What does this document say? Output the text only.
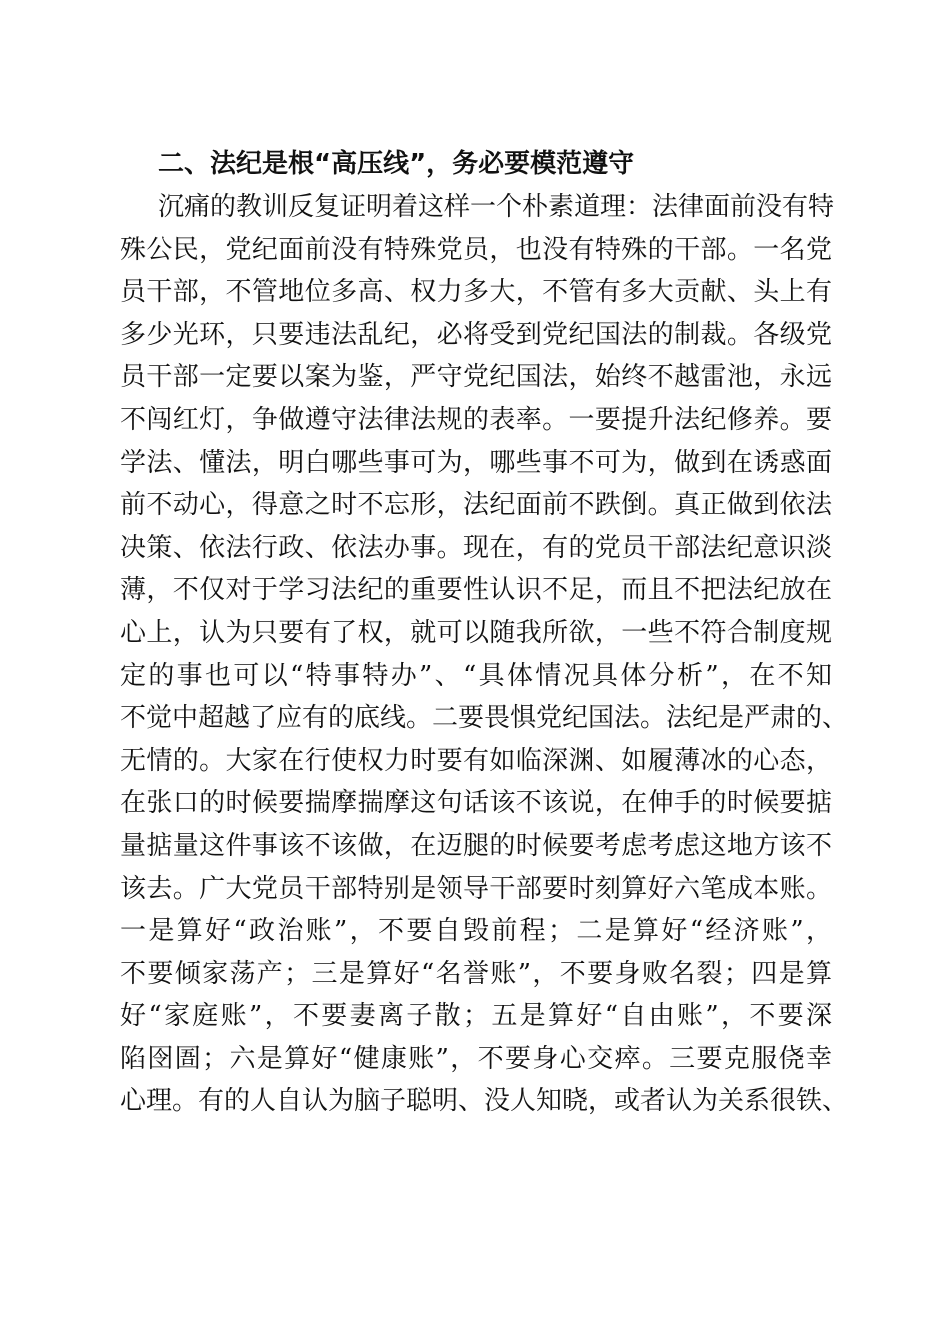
二、法纪是根“高压线”，务必要模范遵守
沉痛的教训反复证明着这样一个朴素道理：法律面前没有特
殊公民，党纪面前没有特殊党员，也没有特殊的干部。一名党
员干部，不管地位多高、权力多大，不管有多大贡献、头上有
多少光环，只要违法乱纪，必将受到党纪国法的制裁。各级党
员干部一定要以案为鉴，严守党纪国法，始终不越雷池，永远
不闯红灯，争做遵守法律法规的表率。一要提升法纪修养。要
学法、懂法，明白哪些事可为，哪些事不可为，做到在诱惑面
前不动心，得意之时不忘形，法纪面前不跌倒。真正做到依法
决策、依法行政、依法办事。现在，有的党员干部法纪意识淡
薄，不仅对于学习法纪的重要性认识不足，而且不把法纪放在
心上，认为只要有了权，就可以随我所欲，一些不符合制度规
定的事也可以“特事特办”、“具体情况具体分析”，在不知
不觉中超越了应有的底线。二要畏惧党纪国法。法纪是严肃的、
无情的。大家在行使权力时要有如临深渊、如履薄冰的心态，
在张口的时候要揣摩揣摩这句话该不该说，在伸手的时候要掂
量掂量这件事该不该做，在迈腿的时候要考虑考虑这地方该不
该去。广大党员干部特别是领导干部要时刻算好六笔成本账。
一是算好“政治账”，不要自毁前程；二是算好“经济账”，
不要倾家荡产；三是算好“名誉账”，不要身败名裂；四是算
好“家庭账”，不要妻离子散；五是算好“自由账”，不要深
陷囹圄；六是算好“健康账”，不要身心交瘁。三要克服侥幸
心理。有的人自认为脑子聪明、没人知晓，或者认为关系很铁、
